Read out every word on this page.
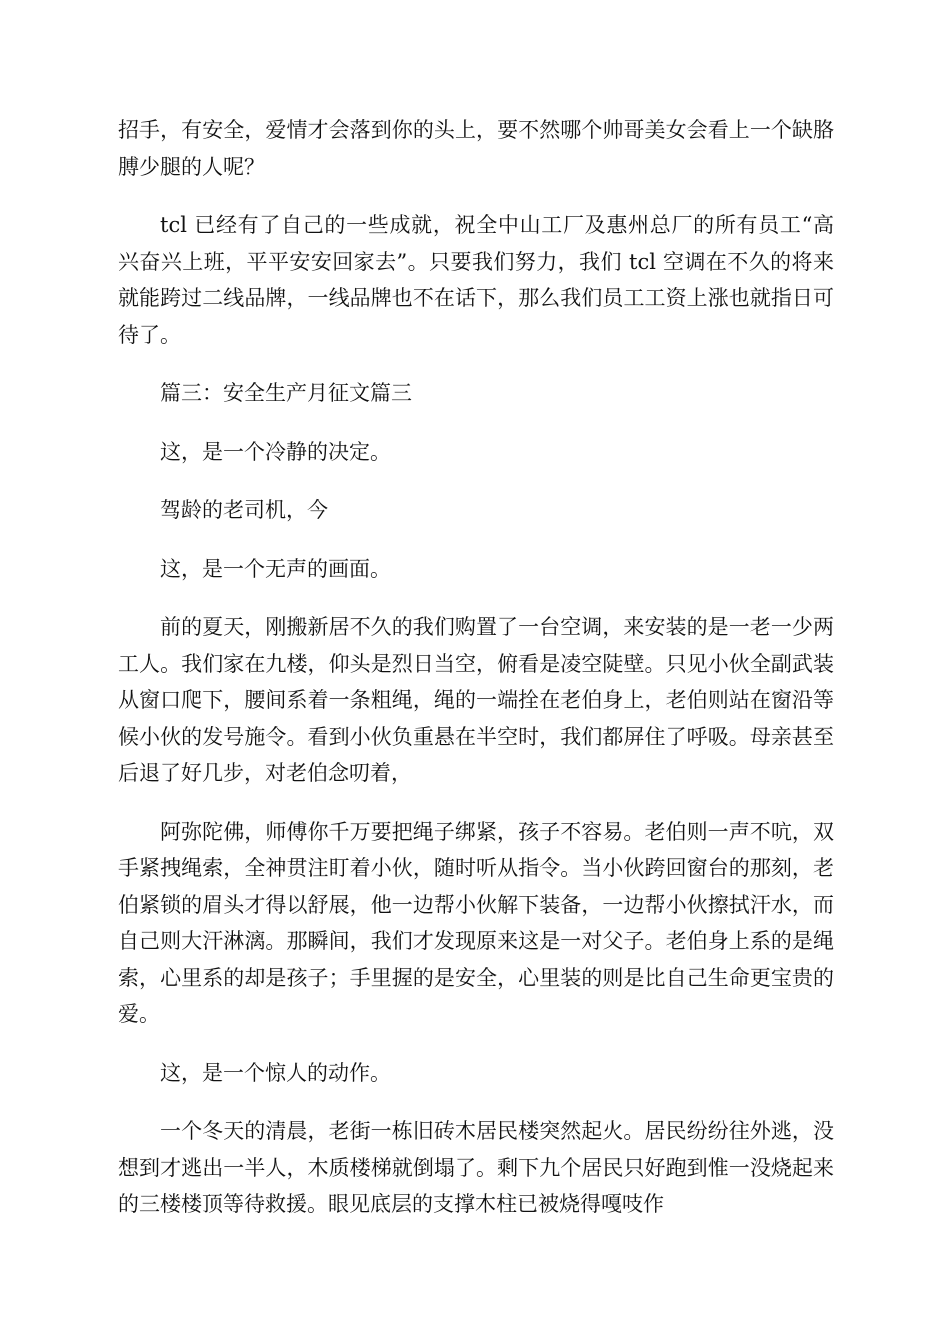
招手，有安全，爱情才会落到你的头上，要不然哪个帅哥美女会看上一个缺胳膊少腿的人呢？

tcl 已经有了自己的一些成就，祝全中山工厂及惠州总厂的所有员工“高兴奋兴上班，平平安安回家去”。只要我们努力，我们 tcl 空调在不久的将来就能跨过二线品牌，一线品牌也不在话下，那么我们员工工资上涨也就指日可待了。

篇三：安全生产月征文篇三

这，是一个冷静的决定。

驾龄的老司机，今

这，是一个无声的画面。

前的夏天，刚搬新居不久的我们购置了一台空调，来安装的是一老一少两工人。我们家在九楼，仰头是烈日当空，俯看是凌空陡壁。只见小伙全副武装从窗口爬下，腰间系着一条粗绳，绳的一端拴在老伯身上，老伯则站在窗沿等候小伙的发号施令。看到小伙负重悬在半空时，我们都屏住了呼吸。母亲甚至后退了好几步，对老伯念叨着，

阿弥陀佛，师傅你千万要把绳子绑紧，孩子不容易。老伯则一声不吭，双手紧拽绳索，全神贯注盯着小伙，随时听从指令。当小伙跨回窗台的那刻，老伯紧锁的眉头才得以舒展，他一边帮小伙解下装备，一边帮小伙擦拭汗水，而自己则大汗淋漓。那瞬间，我们才发现原来这是一对父子。老伯身上系的是绳索，心里系的却是孩子；手里握的是安全，心里装的则是比自己生命更宝贵的爱。

这，是一个惊人的动作。

一个冬天的清晨，老街一栋旧砖木居民楼突然起火。居民纷纷往外逃，没想到才逃出一半人，木质楼梯就倒塌了。剩下九个居民只好跑到惟一没烧起来的三楼楼顶等待救援。眼见底层的支撑木柱已被烧得嘎吱作
